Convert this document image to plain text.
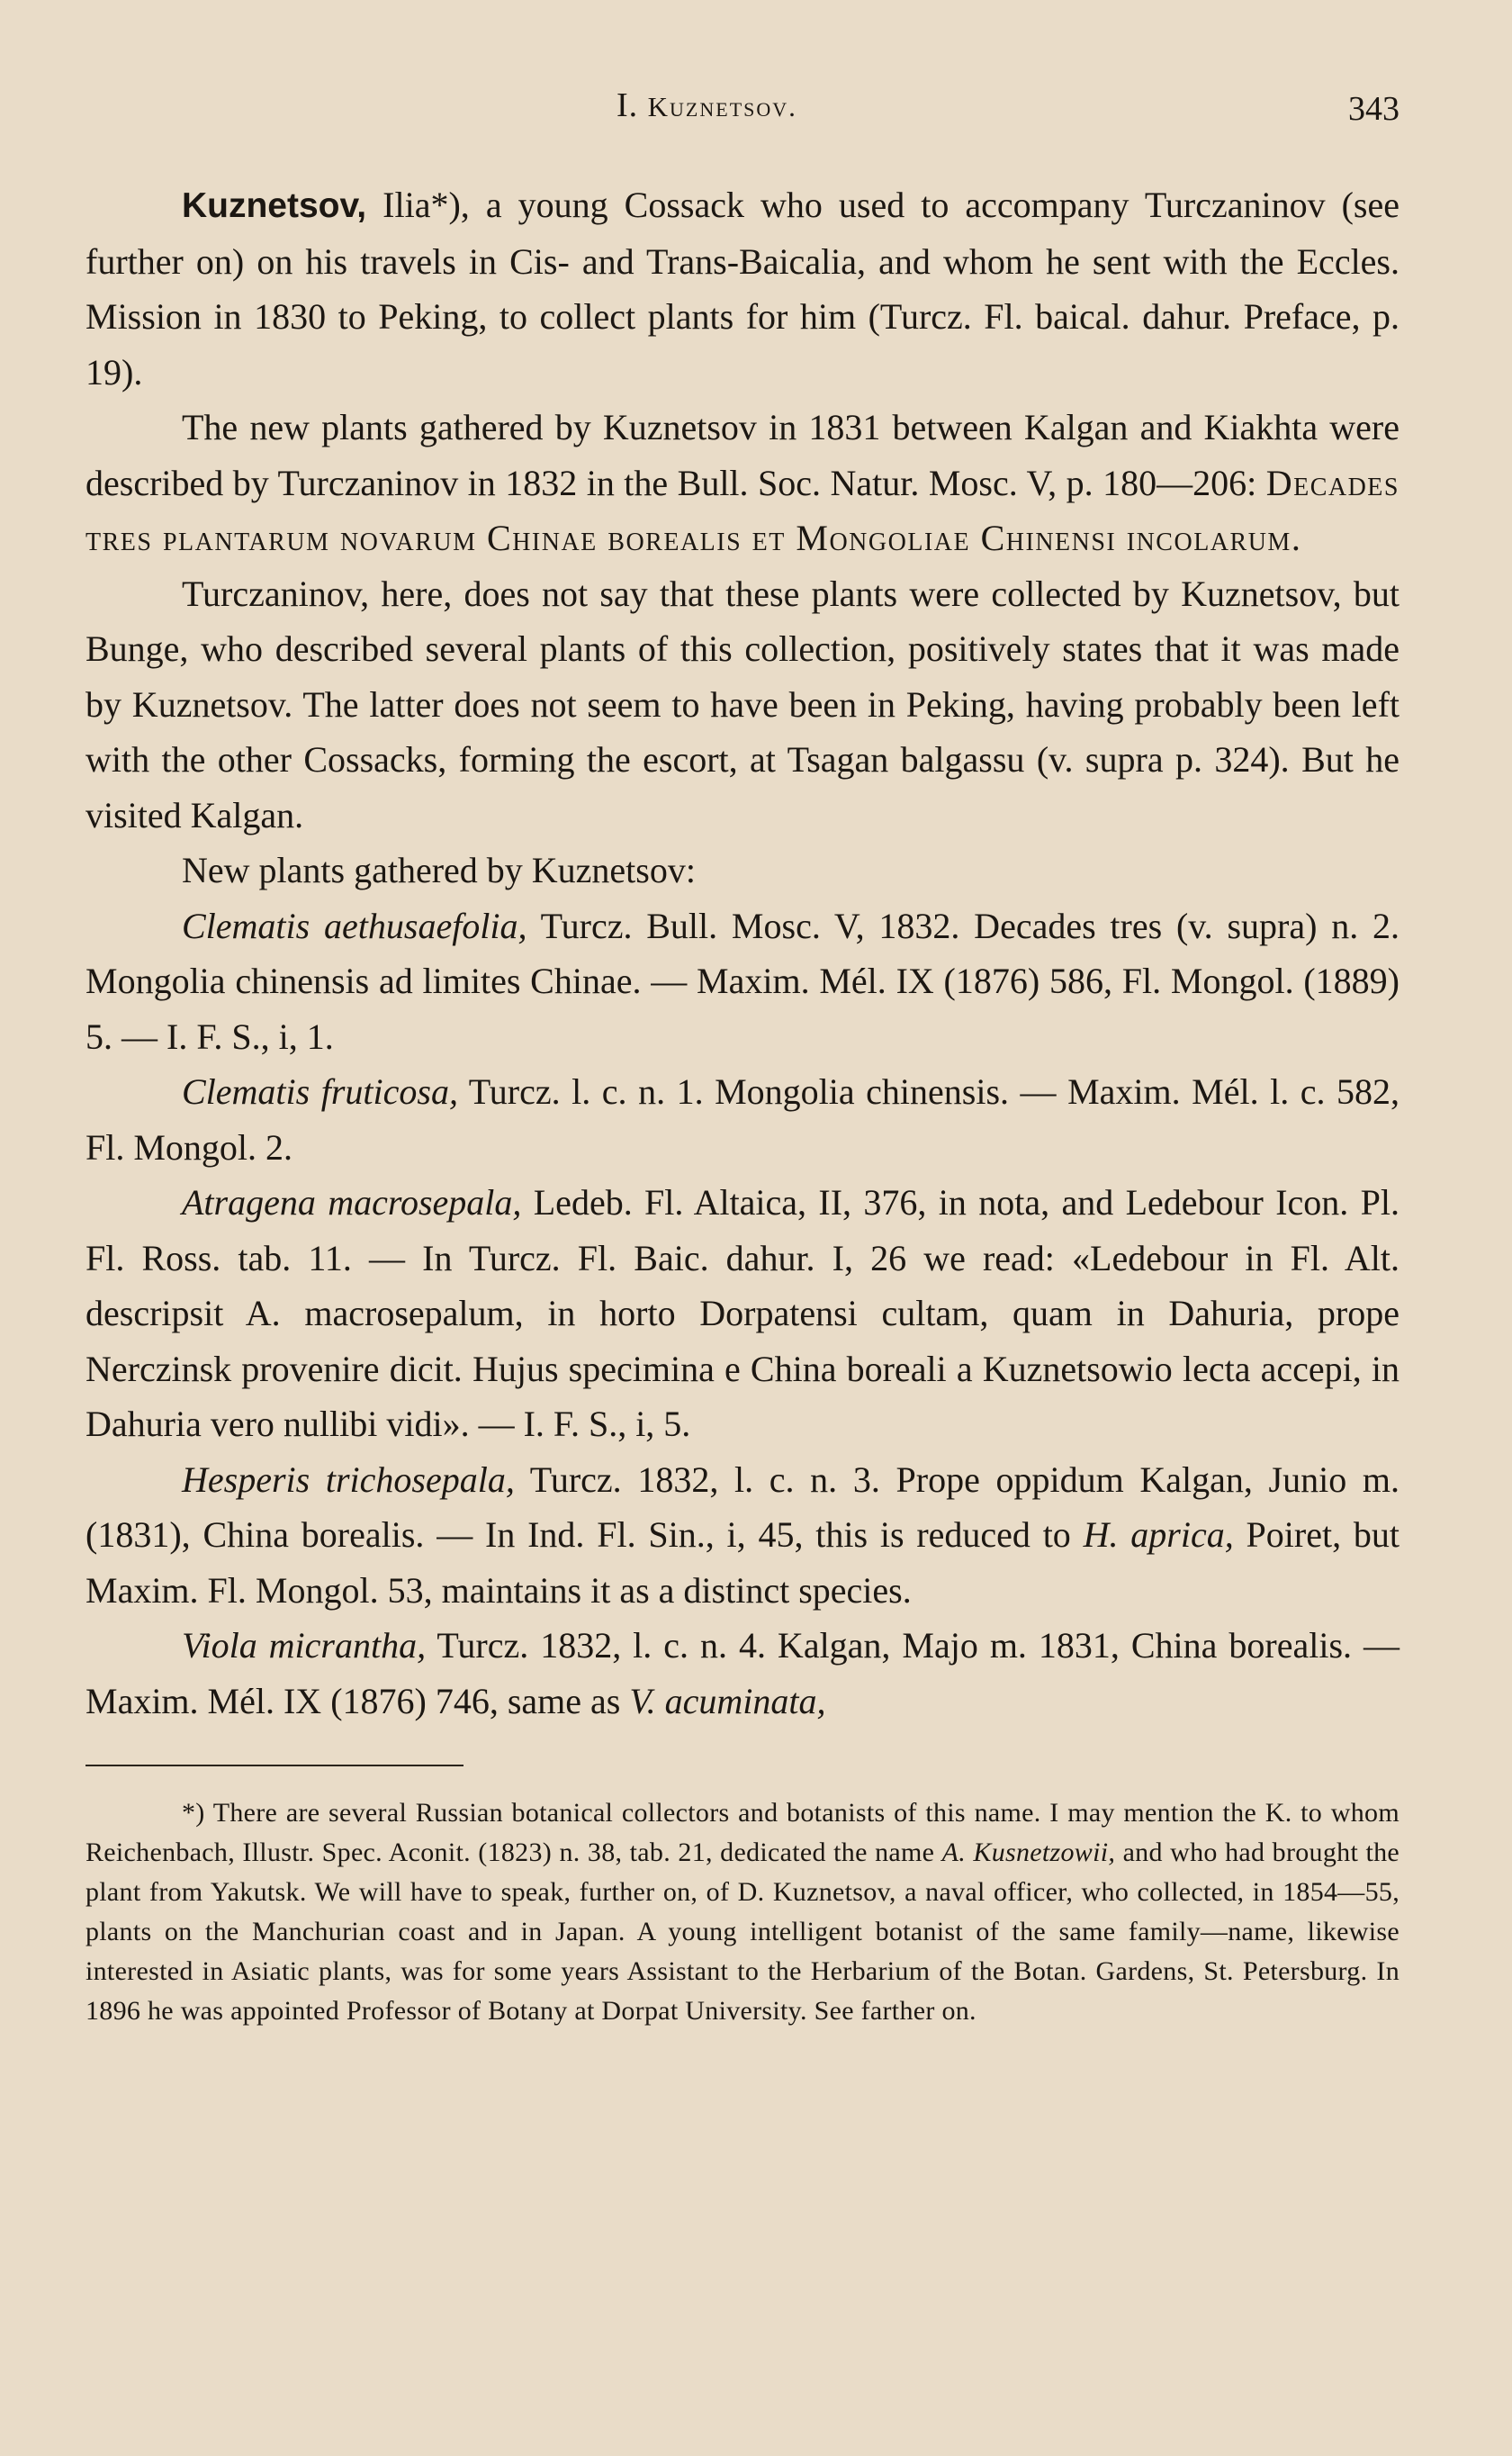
I. Kuznetsov.	343

Kuznetsov, Ilia*), a young Cossack who used to accompany Turczaninov (see further on) on his travels in Cis- and Trans-Baicalia, and whom he sent with the Eccles. Mission in 1830 to Peking, to collect plants for him (Turcz. Fl. baical. dahur. Preface, p. 19).

The new plants gathered by Kuznetsov in 1831 between Kalgan and Kiakhta were described by Turczaninov in 1832 in the Bull. Soc. Natur. Mosc. V, p. 180—206: Decades tres plantarum novarum Chinae borealis et Mongoliae Chinensi incolarum.

Turczaninov, here, does not say that these plants were collected by Kuznetsov, but Bunge, who described several plants of this collection, positively states that it was made by Kuznetsov. The latter does not seem to have been in Peking, having probably been left with the other Cossacks, forming the escort, at Tsagan balgassu (v. supra p. 324). But he visited Kalgan.

New plants gathered by Kuznetsov:

Clematis aethusaefolia, Turcz. Bull. Mosc. V, 1832. Decades tres (v. supra) n. 2. Mongolia chinensis ad limites Chinae. — Maxim. Mél. IX (1876) 586, Fl. Mongol. (1889) 5. — I. F. S., i, 1.

Clematis fruticosa, Turcz. l. c. n. 1. Mongolia chinensis. — Maxim. Mél. l. c. 582, Fl. Mongol. 2.

Atragena macrosepala, Ledeb. Fl. Altaica, II, 376, in nota, and Ledebour Icon. Pl. Fl. Ross. tab. 11. — In Turcz. Fl. Baic. dahur. I, 26 we read: «Ledebour in Fl. Alt. descripsit A. macrosepalum, in horto Dorpatensi cultam, quam in Dahuria, prope Nerczinsk provenire dicit. Hujus specimina e China boreali a Kuznetsowio lecta accepi, in Dahuria vero nullibi vidi». — I. F. S., i, 5.

Hesperis trichosepala, Turcz. 1832, l. c. n. 3. Prope oppidum Kalgan, Junio m. (1831), China borealis. — In Ind. Fl. Sin., i, 45, this is reduced to H. aprica, Poiret, but Maxim. Fl. Mongol. 53, maintains it as a distinct species.

Viola micrantha, Turcz. 1832, l. c. n. 4. Kalgan, Majo m. 1831, China borealis. — Maxim. Mél. IX (1876) 746, same as V. acuminata,

*) There are several Russian botanical collectors and botanists of this name. I may mention the K. to whom Reichenbach, Illustr. Spec. Aconit. (1823) n. 38, tab. 21, dedicated the name A. Kusnetzowii, and who had brought the plant from Yakutsk. We will have to speak, further on, of D. Kuznetsov, a naval officer, who collected, in 1854—55, plants on the Manchurian coast and in Japan. A young intelligent botanist of the same family—name, likewise interested in Asiatic plants, was for some years Assistant to the Herbarium of the Botan. Gardens, St. Petersburg. In 1896 he was appointed Professor of Botany at Dorpat University. See farther on.
